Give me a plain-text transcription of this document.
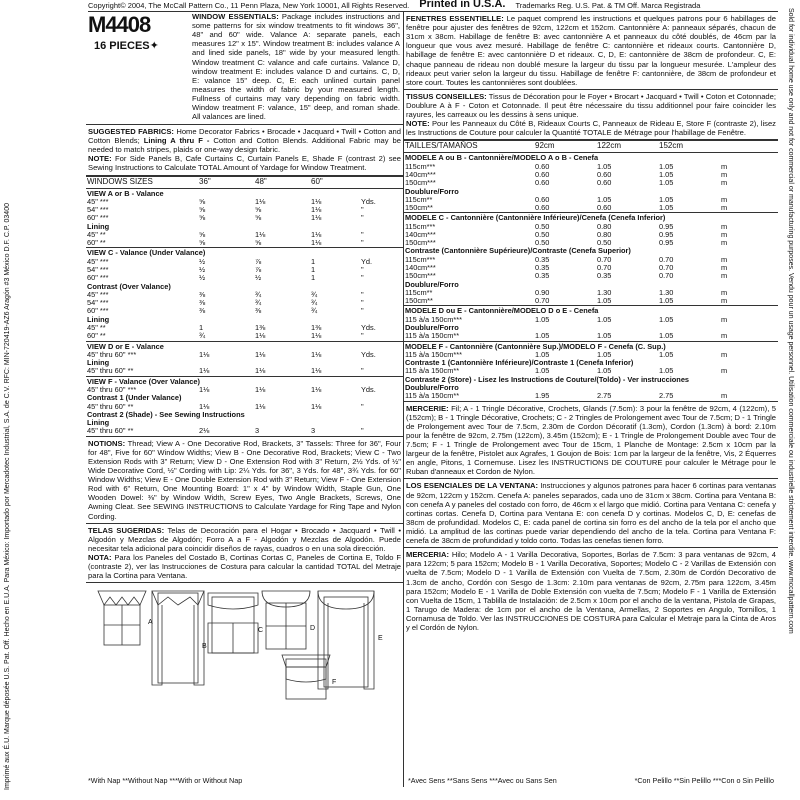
Imprimé aux É.U. Marque déposée U.S. Pat. Off. Hecho en E.U.A. Para México: Importado por Mercadotec Industrial, S.A. de C.V. RFC: MIN-720419-AZ6 Aragón #3 México D.F. C.P. 03400	Sold for individual home use only and not for commercial or manufacturing purposes. Vendu pour un usage personnel. Utilisation commerciale ou industrielle strictement interdite. www.mccallpattern.com
Copyright© 2004, The McCall Pattern Co., 11 Penn Plaza, New York 10001, All Rights Reserved. Printed in U.S.A. Trademarks Reg. U.S. Pat. & TM Off. Marca Registrada
M4408
16 PIECES✦
WINDOW ESSENTIALS: Package includes instructions and some patterns for six window treatments to fit windows 36", 48" and 60" wide. Valance A: separate panels, each measures 12" x 15". Window treatment B: includes valance A and lined side panels, 18" wide by your measured length. Window treatment C: valance and cafe curtains. Valance D, window treatment E: includes valance D and curtains. C, D, E: valance 15" deep. C, E: each unlined curtain panel measures the width of fabric by your measured length. Fullness of curtains may vary depending on fabric width. Window treatment F: valance, 15" deep, and roman shade. All valances are lined.

SUGGESTED FABRICS: Home Decorator Fabrics • Brocade • Jacquard • Twill • Cotton and Cotton Blends; Lining A thru F - Cotton and Cotton Blends. Additional Fabric may be needed to match stripes, plaids or one-way design fabric.

NOTE: For Side Panels B, Cafe Curtains C, Curtain Panels E, Shade F (contrast 2) see Sewing Instructions to Calculate TOTAL Amount of Yardage for Window Treatment.

WINDOWS SIZES	36"	48"	60"	
VIEW A or B - Valance				
45" ***	⅝	1⅛	1⅛	Yds.
54" ***	⅝	⅝	1⅛	"
60" ***	⅝	⅝	1⅛	"
Lining				
45" **	⅝	1⅛	1⅛	"
60" **	⅝	⅝	1⅛	"
VIEW C - Valance (Under Valance)				
45" ***	½	⅞	1	Yd.
54" ***	½	⅞	1	"
60" ***	½	½	1	"
Contrast (Over Valance)				
45" ***	⅜	¾	¾	"
54" ***	⅜	¾	¾	"
60" ***	⅜	⅜	¾	"
Lining				
45" **	1	1⅜	1⅜	Yds.
60" **	¾	1⅛	1⅛	"
VIEW D or E - Valance				
45" thru 60" ***	1⅛	1⅛	1⅛	Yds.
Lining				
45" thru 60" **	1⅛	1⅛	1⅛	"
VIEW F - Valance (Over Valance)				
45" thru 60" ***	1⅛	1⅛	1⅛	Yds.
Contrast 1 (Under Valance)				
45" thru 60" **	1⅛	1⅛	1⅛	"
Contrast 2 (Shade) - See Sewing Instructions				
Lining				
45" thru 60" **	2⅛	3	3	"

NOTIONS: Thread; View A - One Decorative Rod, Brackets, 3" Tassels: Three for 36", Four for 48", Five for 60" Window Widths; View B - One Decorative Rod, Brackets; View C - Two Extension Rods with 3" Return; View D - One Extension Rod with 3" Return, 2½ Yds. of ½" Wide Decorative Cord, ½" Cording with Lip: 2¼ Yds. for 36", 3 Yds. for 48", 3¾ Yds. for 60" Window Widths; View E - One Double Extension Rod with 3" Return; View F - One Extension Rod with 6" Return, One Mounting Board: 1" x 4" by Window Width, Staple Gun, One Wooden Dowel: ⅜" by Window Width, Screw Eyes, Two Angle Brackets, Screws, One Awning Cleat. See SEWING INSTRUCTIONS to Calculate Yardage for Ring Tape and Nylon Cording.

TELAS SUGERIDAS: Telas de Decoración para el Hogar • Brocado • Jacquard • Twill • Algodón y Mezclas de Algodón; Forro A a F - Algodón y Mezclas de Algodón. Puede necesitar tela adicional para coincidir diseños de rayas, cuadros o en una sola dirección.

NOTA: Para los Paneles del Costado B, Cortinas Cortas C, Paneles de Cortina E, Toldo F (contraste 2), ver las Instrucciones de Costura para calcular la cantidad TOTAL del Metraje para la Cortina para Ventana.

A
B
C	D
E
F
*With Nap **Without Nap ***With or Without Nap

FENETRES ESSENTIELLE: Le paquet comprend les instructions et quelques patrons pour 6 habillages de fenêtre pour ajuster des fenêtres de 92cm, 122cm et 152cm. Cantonnière A: panneaux séparés, chacun de 31cm x 38cm. Habillage de fenêtre B: avec cantonnière A et panneaux du côté doublés, de 46cm par la longueur que vous avez mesuré. Habillage de fenêtre C: cantonnière et rideaux courts. Cantonnière D, habillage de fenêtre E: avec cantonnière D et rideaux. C, D, E: cantonnière de 38cm de profondeur. C, E: chaque panneau de rideau non doublé mesure la largeur du tissu par la longueur mesurée. L'ampleur des rideaux peut varier selon la largeur du tissu. Habillage de fenêtre F: cantonnière, de 38cm de profondeur et store court. Toutes les cantonnières sont doublées.

TISSUS CONSEILLES: Tissus de Décoration pour le Foyer • Brocart • Jacquard • Twill • Coton et Cotonnade; Doublure A à F - Coton et Cotonnade. Il peut être nécessaire du tissu additionnel pour faire coincider les rayures, les carreaux ou les dessins à sens unique.

NOTE: Pour les Panneaux du Côté B, Rideaux Courts C, Panneaux de Rideau E, Store F (contraste 2), lisez les Instructions de Couture pour calculer la Quantité TOTALE de Métrage pour l'habillage de Fenêtre.

TAILLES/TAMAÑOS	92cm	122cm	152cm	
MODELE A ou B - Cantonnière/MODELO A o B - Cenefa				
115cm***	0.60	1.05	1.05	m
140cm***	0.60	0.60	1.05	m
150cm***	0.60	0.60	1.05	m
Doublure/Forro				
115cm**	0.60	1.05	1.05	m
150cm**	0.60	0.60	1.05	m
MODELE C - Cantonnière (Cantonnière Inférieure)/Cenefa (Cenefa Inferior)				
115cm***	0.50	0.80	0.95	m
140cm***	0.50	0.80	0.95	m
150cm***	0.50	0.50	0.95	m
Contraste (Cantonnière Supérieure)/Contraste (Cenefa Superior)				
115cm***	0.35	0.70	0.70	m
140cm***	0.35	0.70	0.70	m
150cm***	0.35	0.35	0.70	m
Doublure/Forro				
115cm**	0.90	1.30	1.30	m
150cm**	0.70	1.05	1.05	m
MODELE D ou E - Cantonnière/MODELO D o E - Cenefa				
115 à/a 150cm***	1.05	1.05	1.05	m
Doublure/Forro				
115 à/a 150cm**	1.05	1.05	1.05	m
MODELE F - Cantonnière (Cantonnière Sup.)/MODELO F - Cenefa (C. Sup.)				
115 à/a 150cm***	1.05	1.05	1.05	m
Contraste 1 (Cantonnière Inférieure)/Contraste 1 (Cenefa Inferior)				
115 à/a 150cm**	1.05	1.05	1.05	m
Contraste 2 (Store) - Lisez les Instructions de Couture/(Toldo) - Ver instrucciones				
Doublure/Forro				
115 à/a 150cm**	1.95	2.75	2.75	m

MERCERIE: Fil; A - 1 Tringle Décorative, Crochets, Glands (7.5cm): 3 pour la fenêtre de 92cm, 4 (122cm), 5 (152cm); B - 1 Tringle Décorative, Crochets; C - 2 Tringles de Prolongement avec Tour de 7.5cm; D - 1 Tringle de Prolongement avec Tour de 7.5cm, 2.30m de Cordon Décoratif (1.3cm), Cordon (1.3cm) à bord: 2.10m pour la fenêtre de 92cm, 2.75m (122cm), 3.45m (152cm); E - 1 Tringle de Prolongement Double avec Tour de 7.5cm; F - 1 Tringle de Prolongement avec Tour de 15cm, 1 Planche de Montage: 2.5cm x 10cm par la largeur de la fenêtre, Pistolet aux Agrafes, 1 Goujon de Bois: 1cm par la largeur de la fenêtre, Vis, 2 Équerres en angle, Pitons, 1 Cornemuse. Lisez les INSTRUCTIONS DE COUTURE pour calculer le Métrage pour le Ruban d'anneaux et Cordon de Nylon.

LOS ESENCIALES DE LA VENTANA: Instrucciones y algunos patrones para hacer 6 cortinas para ventanas de 92cm, 122cm y 152cm. Cenefa A: paneles separados, cada uno de 31cm x 38cm. Cortina para Ventana B: con cenefa A y paneles del costado con forro, de 46cm x el largo que midió. Cortina para Ventana C: cenefa y cortinas cortas. Cenefa D, Cortina para Ventana E: con cenefa D y cortinas. Modelos C, D, E: cenefas de 38cm de profundidad. Modelos C, E: cada panel de cortina sin forro es del ancho de la tela por el ancho que midió. La amplitud de las cortinas puede variar dependiendo del ancho de la tela. Cortina para Ventana F: cenefa de 38cm de profundidad y toldo corto. Todas las cenefas tienen forro.

MERCERIA: Hilo; Modelo A - 1 Varilla Decorativa, Soportes, Borlas de 7.5cm: 3 para ventanas de 92cm, 4 para 122cm; 5 para 152cm; Modelo B - 1 Varilla Decorativa, Soportes; Modelo C - 2 Varillas de Extensión con vuelta de 7.5cm; Modelo D - 1 Varilla de Extensión con Vuelta de 7.5cm, 2.30m de Cordón Decorativo de 1.3cm de ancho, Cordón con Sesgo de 1.3cm: 2.10m para ventanas de 92cm, 2.75m para 122cm, 3.45m para 152cm; Modelo E - 1 Varilla de Doble Extensión con vuelta de 7.5cm; Modelo F - 1 Varilla de Extensión con Vuelta de 15cm, 1 Tablilla de Instalación: de 2.5cm x 10cm por el ancho de la ventana, Pistola de Grapas, 1 Tarugo de Madera: de 1cm por el ancho de la Ventana, Armellas, 2 Soportes en Angulo, Tornillos, 1 Cornamusa de Toldo. Ver las INSTRUCCIONES DE COSTURA para Calcular el Metraje para la Cinta de Aros y el Cordón de Nylon.

*Avec Sens **Sans Sens ***Avec ou Sans Sen	*Con Pelillo **Sin Pelillo ***Con o Sin Pelillo
